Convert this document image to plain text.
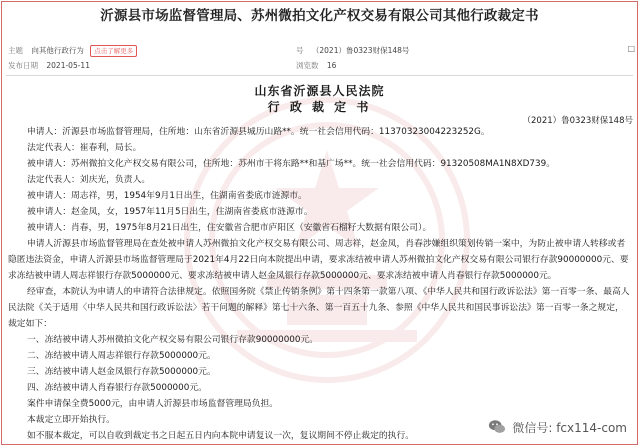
沂源县市场监督管理局、苏州微拍文化产权交易有限公司其他行政裁定书
主题 向其他行政行为 点击了解更多
发布日期 2021-05-11
号 （2021）鲁0323财保148号
浏览数 16
□
山东省沂源县人民法院
行 政 裁 定 书
（2021）鲁0323财保148号
申请人：沂源县市场监督管理局，住所地：山东省沂源县城历山路**。统一社会信用代码：11370323004223252G。
法定代表人：崔春利，局长。
被申请人：苏州微拍文化产权交易有限公司，住所地：苏州市干将东路**和基广场**。统一社会信用代码：91320508MA1N8XD739。
法定代表人：刘庆光，负责人。
被申请人：周志祥，男，1954年9月1日出生，住湖南省娄底市涟源市。
被申请人：赵金凤，女，1957年11月5日出生，住湖南省娄底市涟源市。
被申请人：肖春，男，1975年8月21日出生，住安徽省合肥市庐阳区（安徽省石榴籽大数据有限公司）。
申请人沂源县市场监督管理局在查处被申请人苏州微拍文化产权交易有限公司、周志祥，赵金凤，肖春涉嫌组织策划传销一案中，为防止被申请人转移或者隐匿违法资金，申请人沂源县市场监督管理局于2021年4月22日向本院提出申请，要求冻结被申请人苏州微拍文化产权交易有限公司银行存款90000000元、要求冻结被申请人周志祥银行存款5000000元、要求冻结被申请人赵金凤银行存款5000000元、要求冻结被申请人肖春银行存款5000000元。
经审查，本院认为申请人的申请符合法律规定。依照国务院《禁止传销条例》第十四条第一款第八项、《中华人民共和国行政诉讼法》第一百零一条、最高人民法院《关于适用〈中华人民共和国行政诉讼法〉若干问题的解释》第七十六条、第一百五十九条、参照《中华人民共和国民事诉讼法》第一百零一条之规定，裁定如下：
一、冻结被申请人苏州微拍文化产权交易有限公司银行存款90000000元。
二、冻结被申请人周志祥银行存款5000000元。
三、冻结被申请人赵金凤银行存款5000000元。
四、冻结被申请人肖春银行存款5000000元。
案件申请保全费5000元，由申请人沂源县市场监督管理局负担。
本裁定立即开始执行。
如不服本裁定，可以自收到裁定书之日起五日内向本院申请复议一次，复议期间不停止裁定的执行。
微信号: fcx114-com
